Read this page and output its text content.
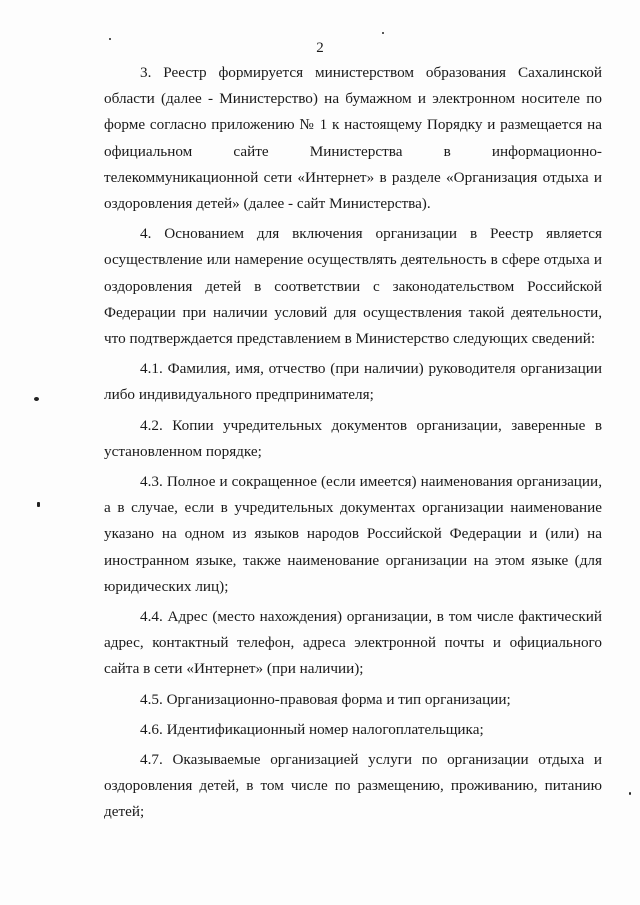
2

3. Реестр формируется министерством образования Сахалинской области (далее - Министерство) на бумажном и электронном носителе по форме согласно приложению № 1 к настоящему Порядку и размещается на официальном сайте Министерства в информационно-телекоммуникационной сети «Интернет» в разделе «Организация отдыха и оздоровления детей» (далее - сайт Министерства).

4. Основанием для включения организации в Реестр является осуществление или намерение осуществлять деятельность в сфере отдыха и оздоровления детей в соответствии с законодательством Российской Федерации при наличии условий для осуществления такой деятельности, что подтверждается представлением в Министерство следующих сведений:

4.1. Фамилия, имя, отчество (при наличии) руководителя организации либо индивидуального предпринимателя;

4.2. Копии учредительных документов организации, заверенные в установленном порядке;

4.3. Полное и сокращенное (если имеется) наименования организации, а в случае, если в учредительных документах организации наименование указано на одном из языков народов Российской Федерации и (или) на иностранном языке, также наименование организации на этом языке (для юридических лиц);

4.4. Адрес (место нахождения) организации, в том числе фактический адрес, контактный телефон, адреса электронной почты и официального сайта в сети «Интернет» (при наличии);

4.5. Организационно-правовая форма и тип организации;

4.6. Идентификационный номер налогоплательщика;

4.7. Оказываемые организацией услуги по организации отдыха и оздоровления детей, в том числе по размещению, проживанию, питанию детей;
